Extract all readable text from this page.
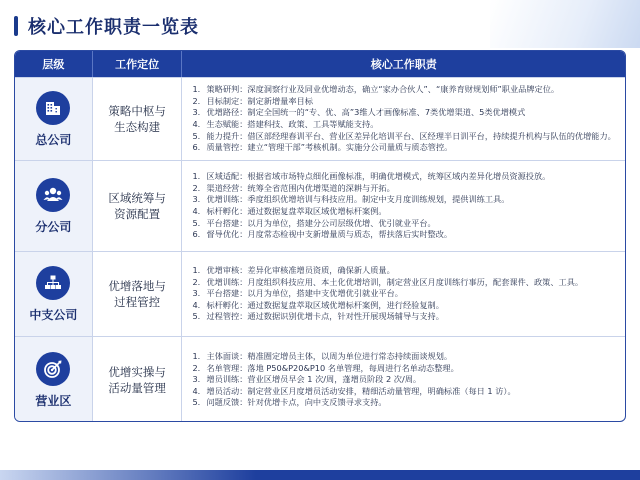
核心工作职责一览表
层级	工作定位	核心工作职责
总公司
策略中枢与
生态构建
1. 策略研判：深度洞察行业及同业优增动态，确立“家办合伙人”、“康养育财规划师”职业品牌定位。
2. 目标制定：制定新增量率目标
3. 优增路径：制定全国统一的“专、优、高”3维人才画像标准、7类优增渠道、5类优增模式
4. 生态赋能：搭建科技、政策、工具等赋能支持。
5. 能力提升：借区部经理春训平台、营业区差异化培训平台、区经理半日训平台，持续提升机构与队伍的优增能力。
6. 质量管控：建立“管理干部”考核机制。实施分公司量质与质态管控。
分公司
区域统筹与
资源配置
1. 区域适配：根据省域市场特点细化画像标准，明确优增模式，统筹区域内差异化增员资源投放。
2. 渠道经营：统筹全省范围内优增渠道的深耕与开拓。
3. 优增训练：季度组织优增培训与科技应用。制定中支月度训练规划，提供训练工具。
4. 标杆孵化：通过数据复盘萃取区域优增标杆案例。
5. 平台搭建：以月为单位，搭建分公司层级优增、优引就业平台。
6. 督导优化：月度常态检视中支新增量质与质态，帮扶落后实时整改。
中支公司
优增落地与
过程管控
1. 优增审核：差异化审核准增员资质，确保新人质量。
2. 优增训练：月度组织科技应用、本土化优增培训，制定营业区月度训练行事历，配套课件、政策、工具。
3. 平台搭建：以月为单位，搭建中支优增优引就业平台。
4. 标杆孵化：通过数据复盘萃取区域优增标杆案例，进行经验复制。
5. 过程管控：通过数据识别优增卡点，针对性开展现场辅导与支持。
营业区
优增实操与
活动量管理
1. 主体面谈：精准圈定增员主体，以周为单位进行常态持续面谈规划。
2. 名单管理：落地 P50&P20&P10 名单管理，每周进行名单动态整理。
3. 增员训练：营业区增员早会 1 次/周，蓬增员阶段 2 次/周。
4. 增员活动：制定营业区月度增员活动安排，精细活动量管理，明确标准（每日 1 访）。
5. 问题反馈：针对优增卡点，向中支反馈寻求支持。
